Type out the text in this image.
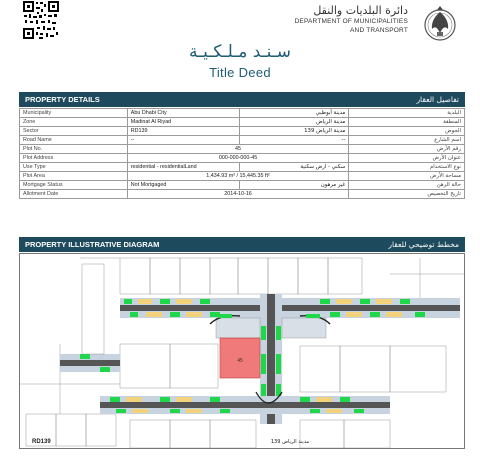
دائرة البلديات والنقل
DEPARTMENT OF MUNICIPALITIES
AND TRANSPORT
سـنـد مـلـكـيـة
Title Deed
PROPERTY DETAILS	تفاصيل العقار
Municipality	Abu Dhabi City	مدينة أبوظبي	البلدية
Zone	Madinat Al Riyad	مدينة الرياض	المنطقة
Sector	RD139	مدينة الرياض 139	الحوض
Road Name	--	--	اسم الشارع
Plot No.	45		رقم الأرض
Plot Address	000-000-000-45		عنوان الأرض
Use Type	residential - residentialLand	سكني - ارض سكنية	نوع الاستخدام
Plot Area	1,434.93 m² / 15,445.35 ft²		مساحة الأرض
Mortgage Status	Not Mortgaged	غير مرهون	حالة الرهن
Allotment Date	2014-10-16		تاريخ التخصيص
PROPERTY ILLUSTRATIVE DIAGRAM	مخطط توضيحي للعقار
45
RD139	مدينة الرياض 139
